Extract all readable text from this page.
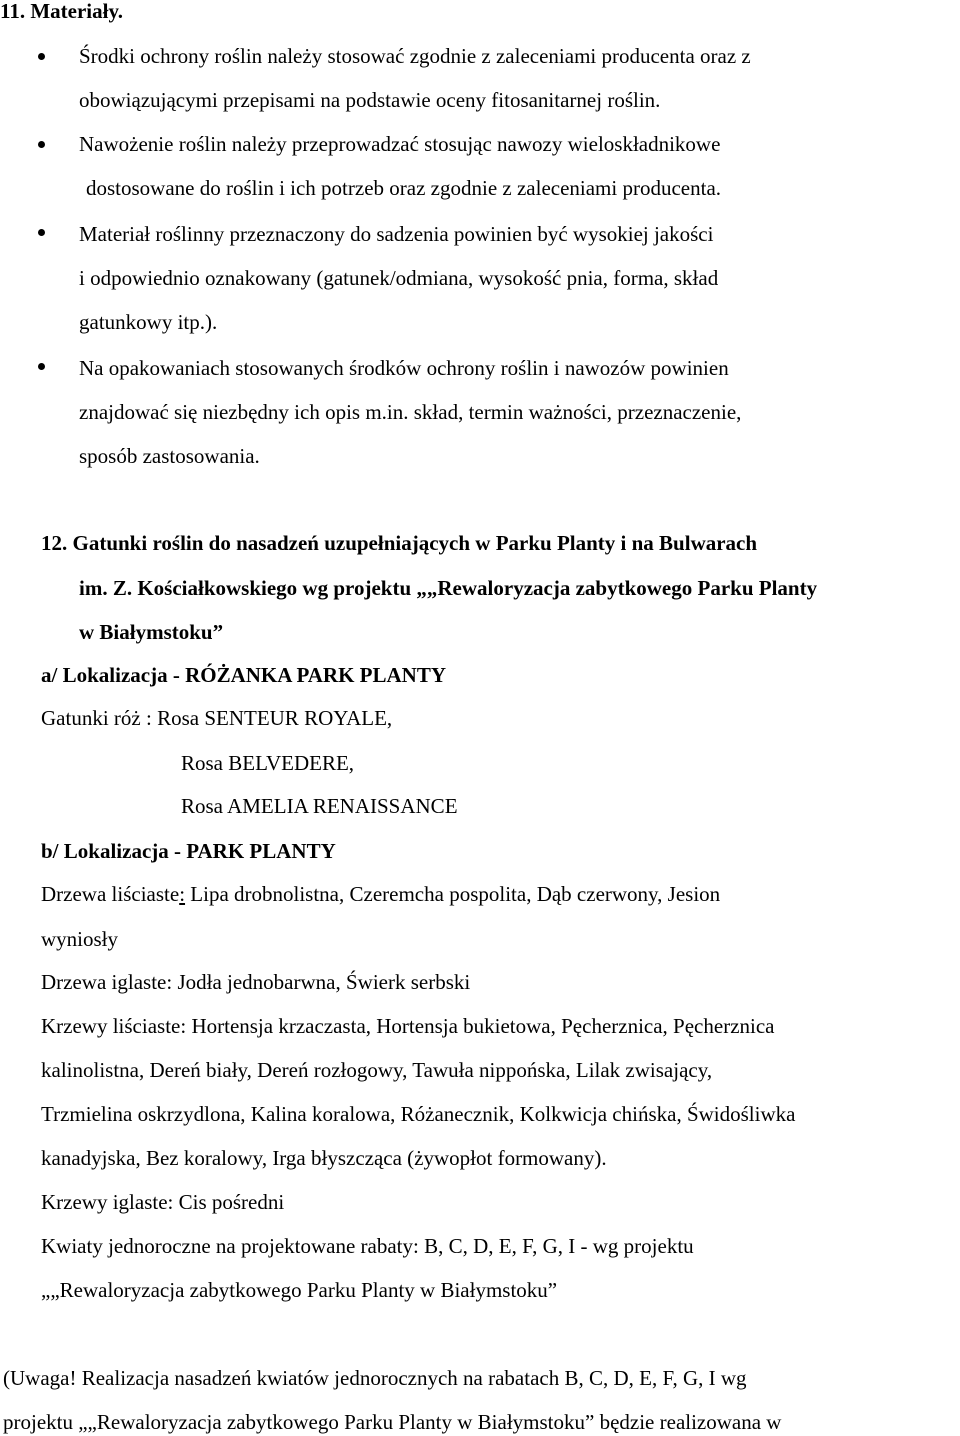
11. Materiały.
Środki ochrony roślin należy stosować zgodnie z zaleceniami producenta oraz z
obowiązującymi przepisami na podstawie oceny fitosanitarnej roślin.
Nawożenie roślin należy przeprowadzać stosując nawozy wieloskładnikowe
dostosowane do roślin i ich potrzeb oraz zgodnie z zaleceniami producenta.
Materiał roślinny przeznaczony do sadzenia powinien być wysokiej jakości
i odpowiednio oznakowany (gatunek/odmiana, wysokość pnia, forma, skład
gatunkowy itp.).
Na opakowaniach stosowanych środków ochrony roślin i nawozów powinien
znajdować się niezbędny ich opis m.in. skład, termin ważności, przeznaczenie,
sposób zastosowania.
12. Gatunki roślin do nasadzeń uzupełniających w Parku Planty i na Bulwarach
im. Z. Kościałkowskiego wg projektu „„Rewaloryzacja zabytkowego Parku Planty
w Białymstoku”
a/ Lokalizacja - RÓŻANKA PARK PLANTY
Gatunki róż : Rosa SENTEUR ROYALE,
Rosa BELVEDERE,
Rosa AMELIA RENAISSANCE
b/ Lokalizacja - PARK PLANTY
Drzewa liściaste: Lipa drobnolistna, Czeremcha pospolita, Dąb czerwony, Jesion
wyniosły
Drzewa iglaste: Jodła jednobarwna, Świerk serbski
Krzewy liściaste: Hortensja krzaczasta, Hortensja bukietowa, Pęcherznica, Pęcherznica
kalinolistna, Dereń biały, Dereń rozłogowy, Tawuła nippońska, Lilak zwisający,
Trzmielina oskrzydlona, Kalina koralowa, Różanecznik, Kolkwicja chińska, Świdośliwka
kanadyjska, Bez koralowy, Irga błyszcząca (żywopłot formowany).
Krzewy iglaste: Cis pośredni
Kwiaty jednoroczne na projektowane rabaty: B, C, D, E, F, G, I - wg projektu
„„Rewaloryzacja zabytkowego Parku Planty w Białymstoku”
(Uwaga! Realizacja nasadzeń kwiatów jednorocznych na rabatach B, C, D, E, F, G, I wg
projektu „„Rewaloryzacja zabytkowego Parku Planty w Białymstoku” będzie realizowana w
